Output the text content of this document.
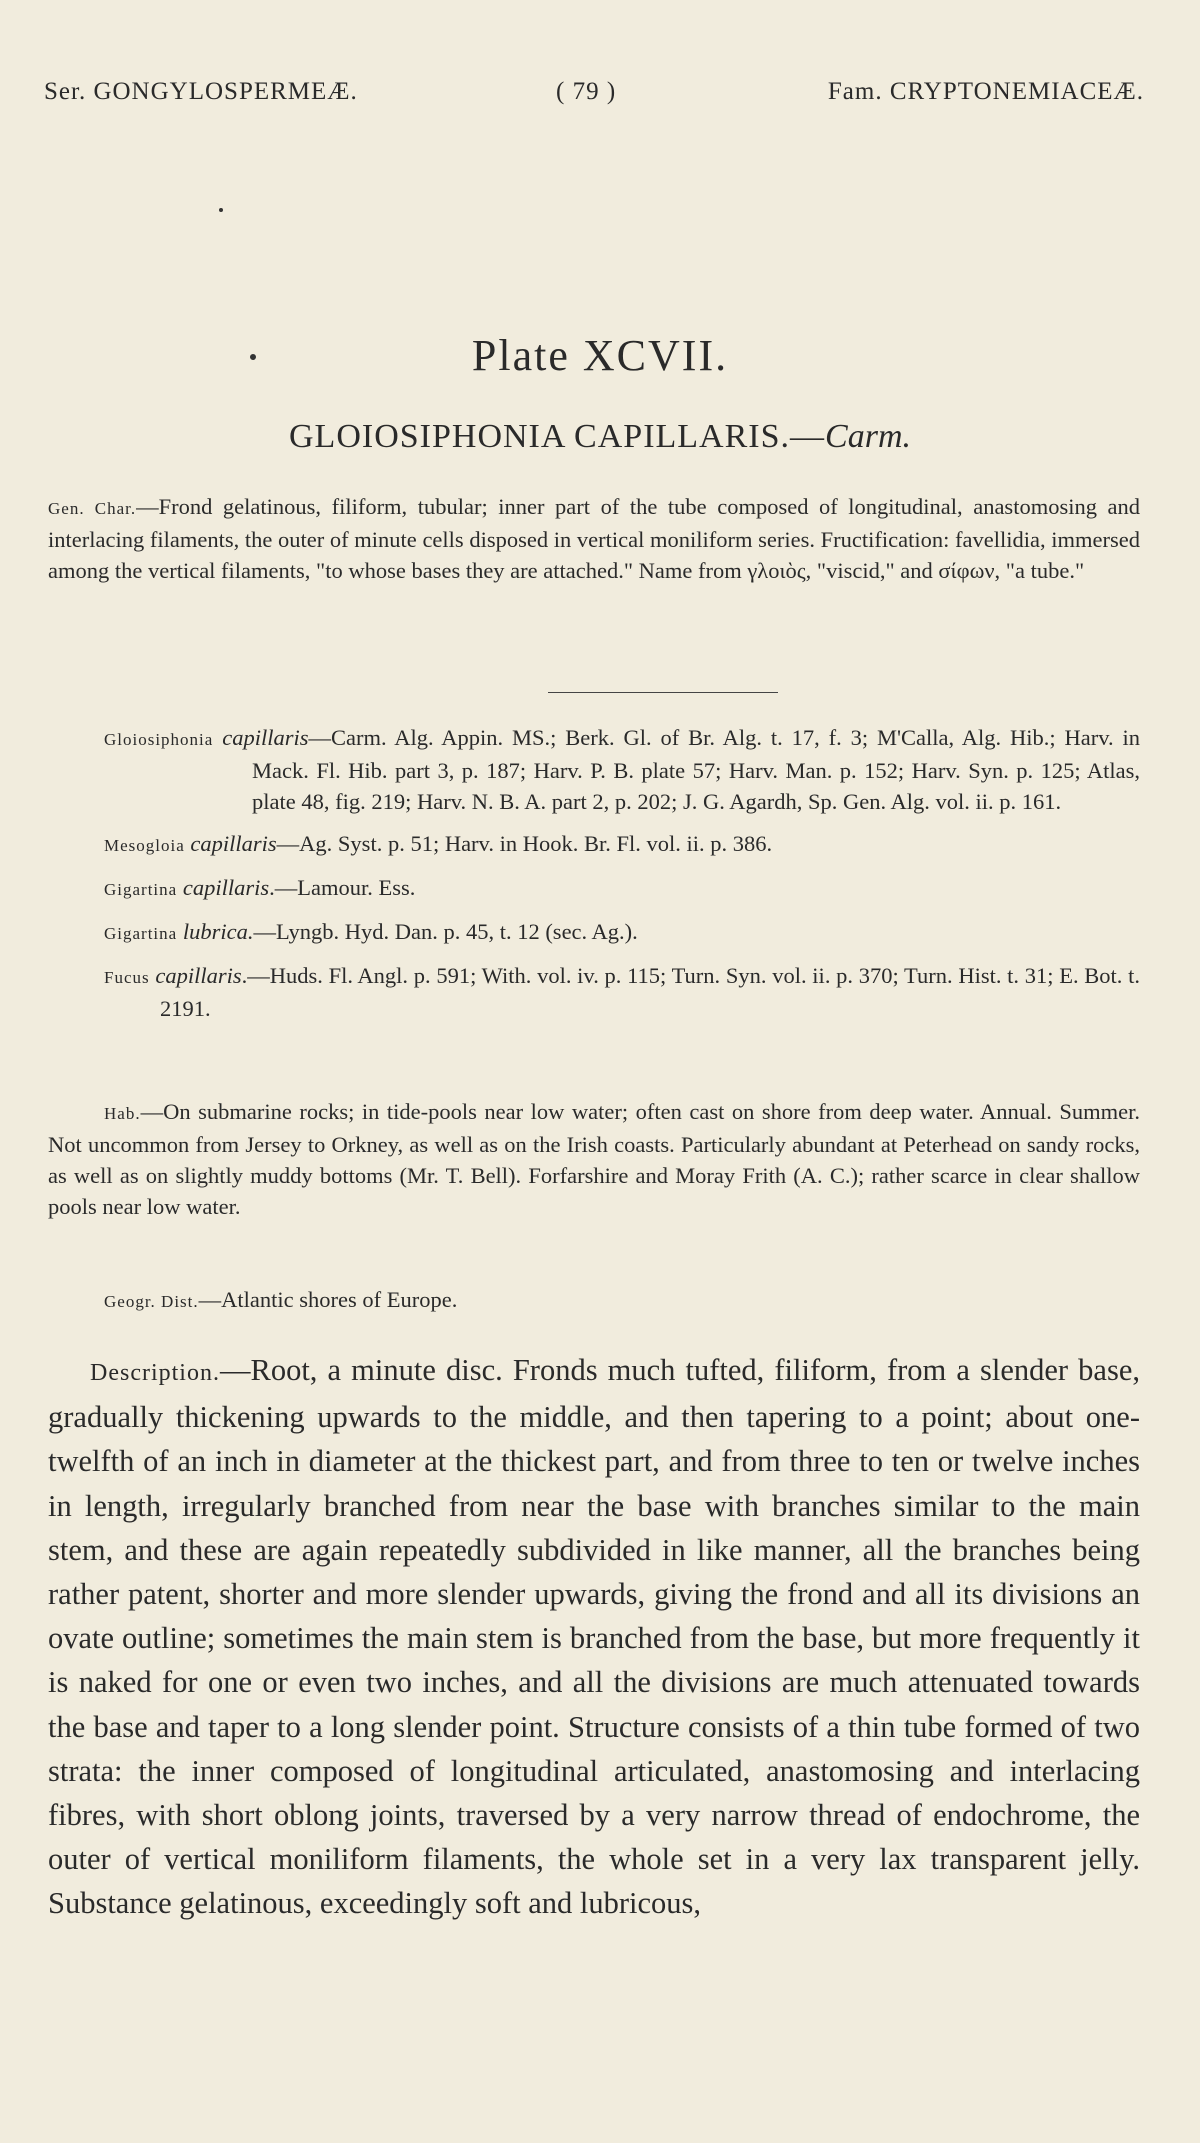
Ser. GONGYLOSPERMEÆ.	( 79 )	Fam. CRYPTONEMIACEÆ.
Plate XCVII.
GLOIOSIPHONIA CAPILLARIS.—Carm.

Gen. Char.—Frond gelatinous, filiform, tubular; inner part of the tube composed of longitudinal, anastomosing and interlacing filaments, the outer of minute cells disposed in vertical moniliform series. Fructification: favellidia, immersed among the vertical filaments, "to whose bases they are attached." Name from γλοιὸς, "viscid," and σίφων, "a tube."

Gloiosiphonia capillaris—Carm. Alg. Appin. MS.; Berk. Gl. of Br. Alg. t. 17, f. 3; M'Calla, Alg. Hib.; Harv. in Mack. Fl. Hib. part 3, p. 187; Harv. P. B. plate 57; Harv. Man. p. 152; Harv. Syn. p. 125; Atlas, plate 48, fig. 219; Harv. N. B. A. part 2, p. 202; J. G. Agardh, Sp. Gen. Alg. vol. ii. p. 161.

Mesogloia capillaris—Ag. Syst. p. 51; Harv. in Hook. Br. Fl. vol. ii. p. 386.

Gigartina capillaris.—Lamour. Ess.

Gigartina lubrica.—Lyngb. Hyd. Dan. p. 45, t. 12 (sec. Ag.).

Fucus capillaris.—Huds. Fl. Angl. p. 591; With. vol. iv. p. 115; Turn. Syn. vol. ii. p. 370; Turn. Hist. t. 31; E. Bot. t. 2191.

Hab.—On submarine rocks; in tide-pools near low water; often cast on shore from deep water. Annual. Summer. Not uncommon from Jersey to Orkney, as well as on the Irish coasts. Particularly abundant at Peterhead on sandy rocks, as well as on slightly muddy bottoms (Mr. T. Bell). Forfarshire and Moray Frith (A. C.); rather scarce in clear shallow pools near low water.

Geogr. Dist.—Atlantic shores of Europe.

Description.—Root, a minute disc. Fronds much tufted, filiform, from a slender base, gradually thickening upwards to the middle, and then tapering to a point; about one-twelfth of an inch in diameter at the thickest part, and from three to ten or twelve inches in length, irregularly branched from near the base with branches similar to the main stem, and these are again repeatedly subdivided in like manner, all the branches being rather patent, shorter and more slender upwards, giving the frond and all its divisions an ovate outline; sometimes the main stem is branched from the base, but more frequently it is naked for one or even two inches, and all the divisions are much attenuated towards the base and taper to a long slender point. Structure consists of a thin tube formed of two strata: the inner composed of longitudinal articulated, anastomosing and interlacing fibres, with short oblong joints, traversed by a very narrow thread of endochrome, the outer of vertical moniliform filaments, the whole set in a very lax transparent jelly. Substance gelatinous, exceedingly soft and lubricous,
